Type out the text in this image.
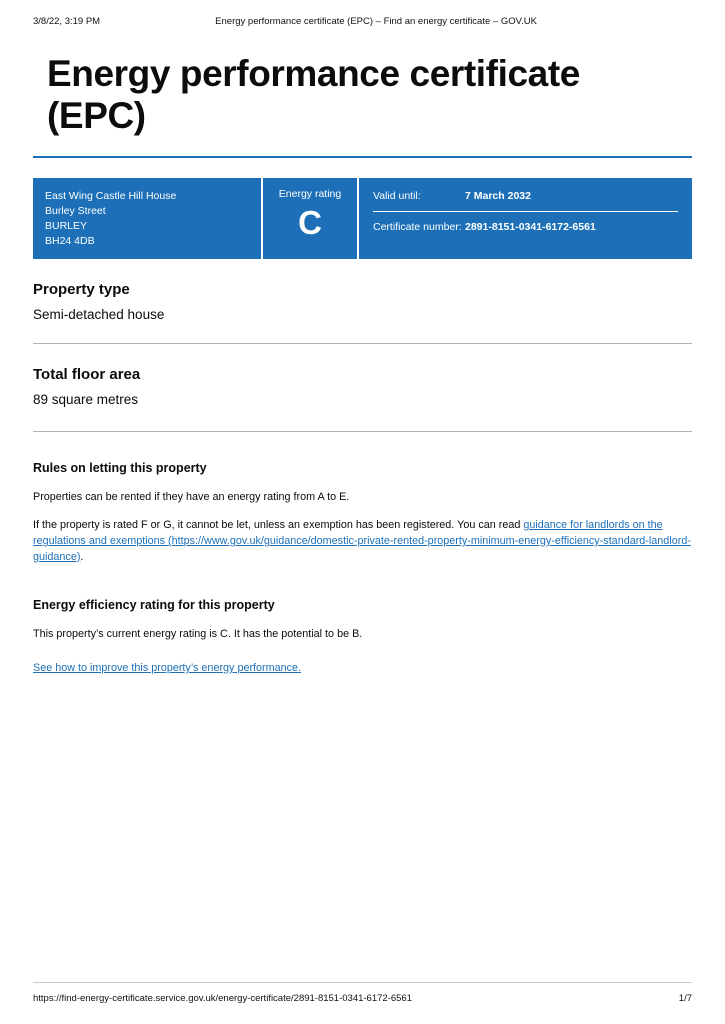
3/8/22, 3:19 PM	Energy performance certificate (EPC) – Find an energy certificate – GOV.UK
Energy performance certificate (EPC)
East Wing Castle Hill House
Burley Street
BURLEY
BH24 4DB
Energy rating
C
Valid until:	7 March 2032
Certificate number: 2891-8151-0341-6172-6561
Property type

Semi-detached house

Total floor area

89 square metres

Rules on letting this property

Properties can be rented if they have an energy rating from A to E.

If the property is rated F or G, it cannot be let, unless an exemption has been registered. You can read guidance for landlords on the regulations and exemptions (https://www.gov.uk/guidance/domestic-private-rented-property-minimum-energy-efficiency-standard-landlord-guidance).

Energy efficiency rating for this property

This property’s current energy rating is C. It has the potential to be B.

See how to improve this property’s energy performance.

https://find-energy-certificate.service.gov.uk/energy-certificate/2891-8151-0341-6172-6561	1/7
